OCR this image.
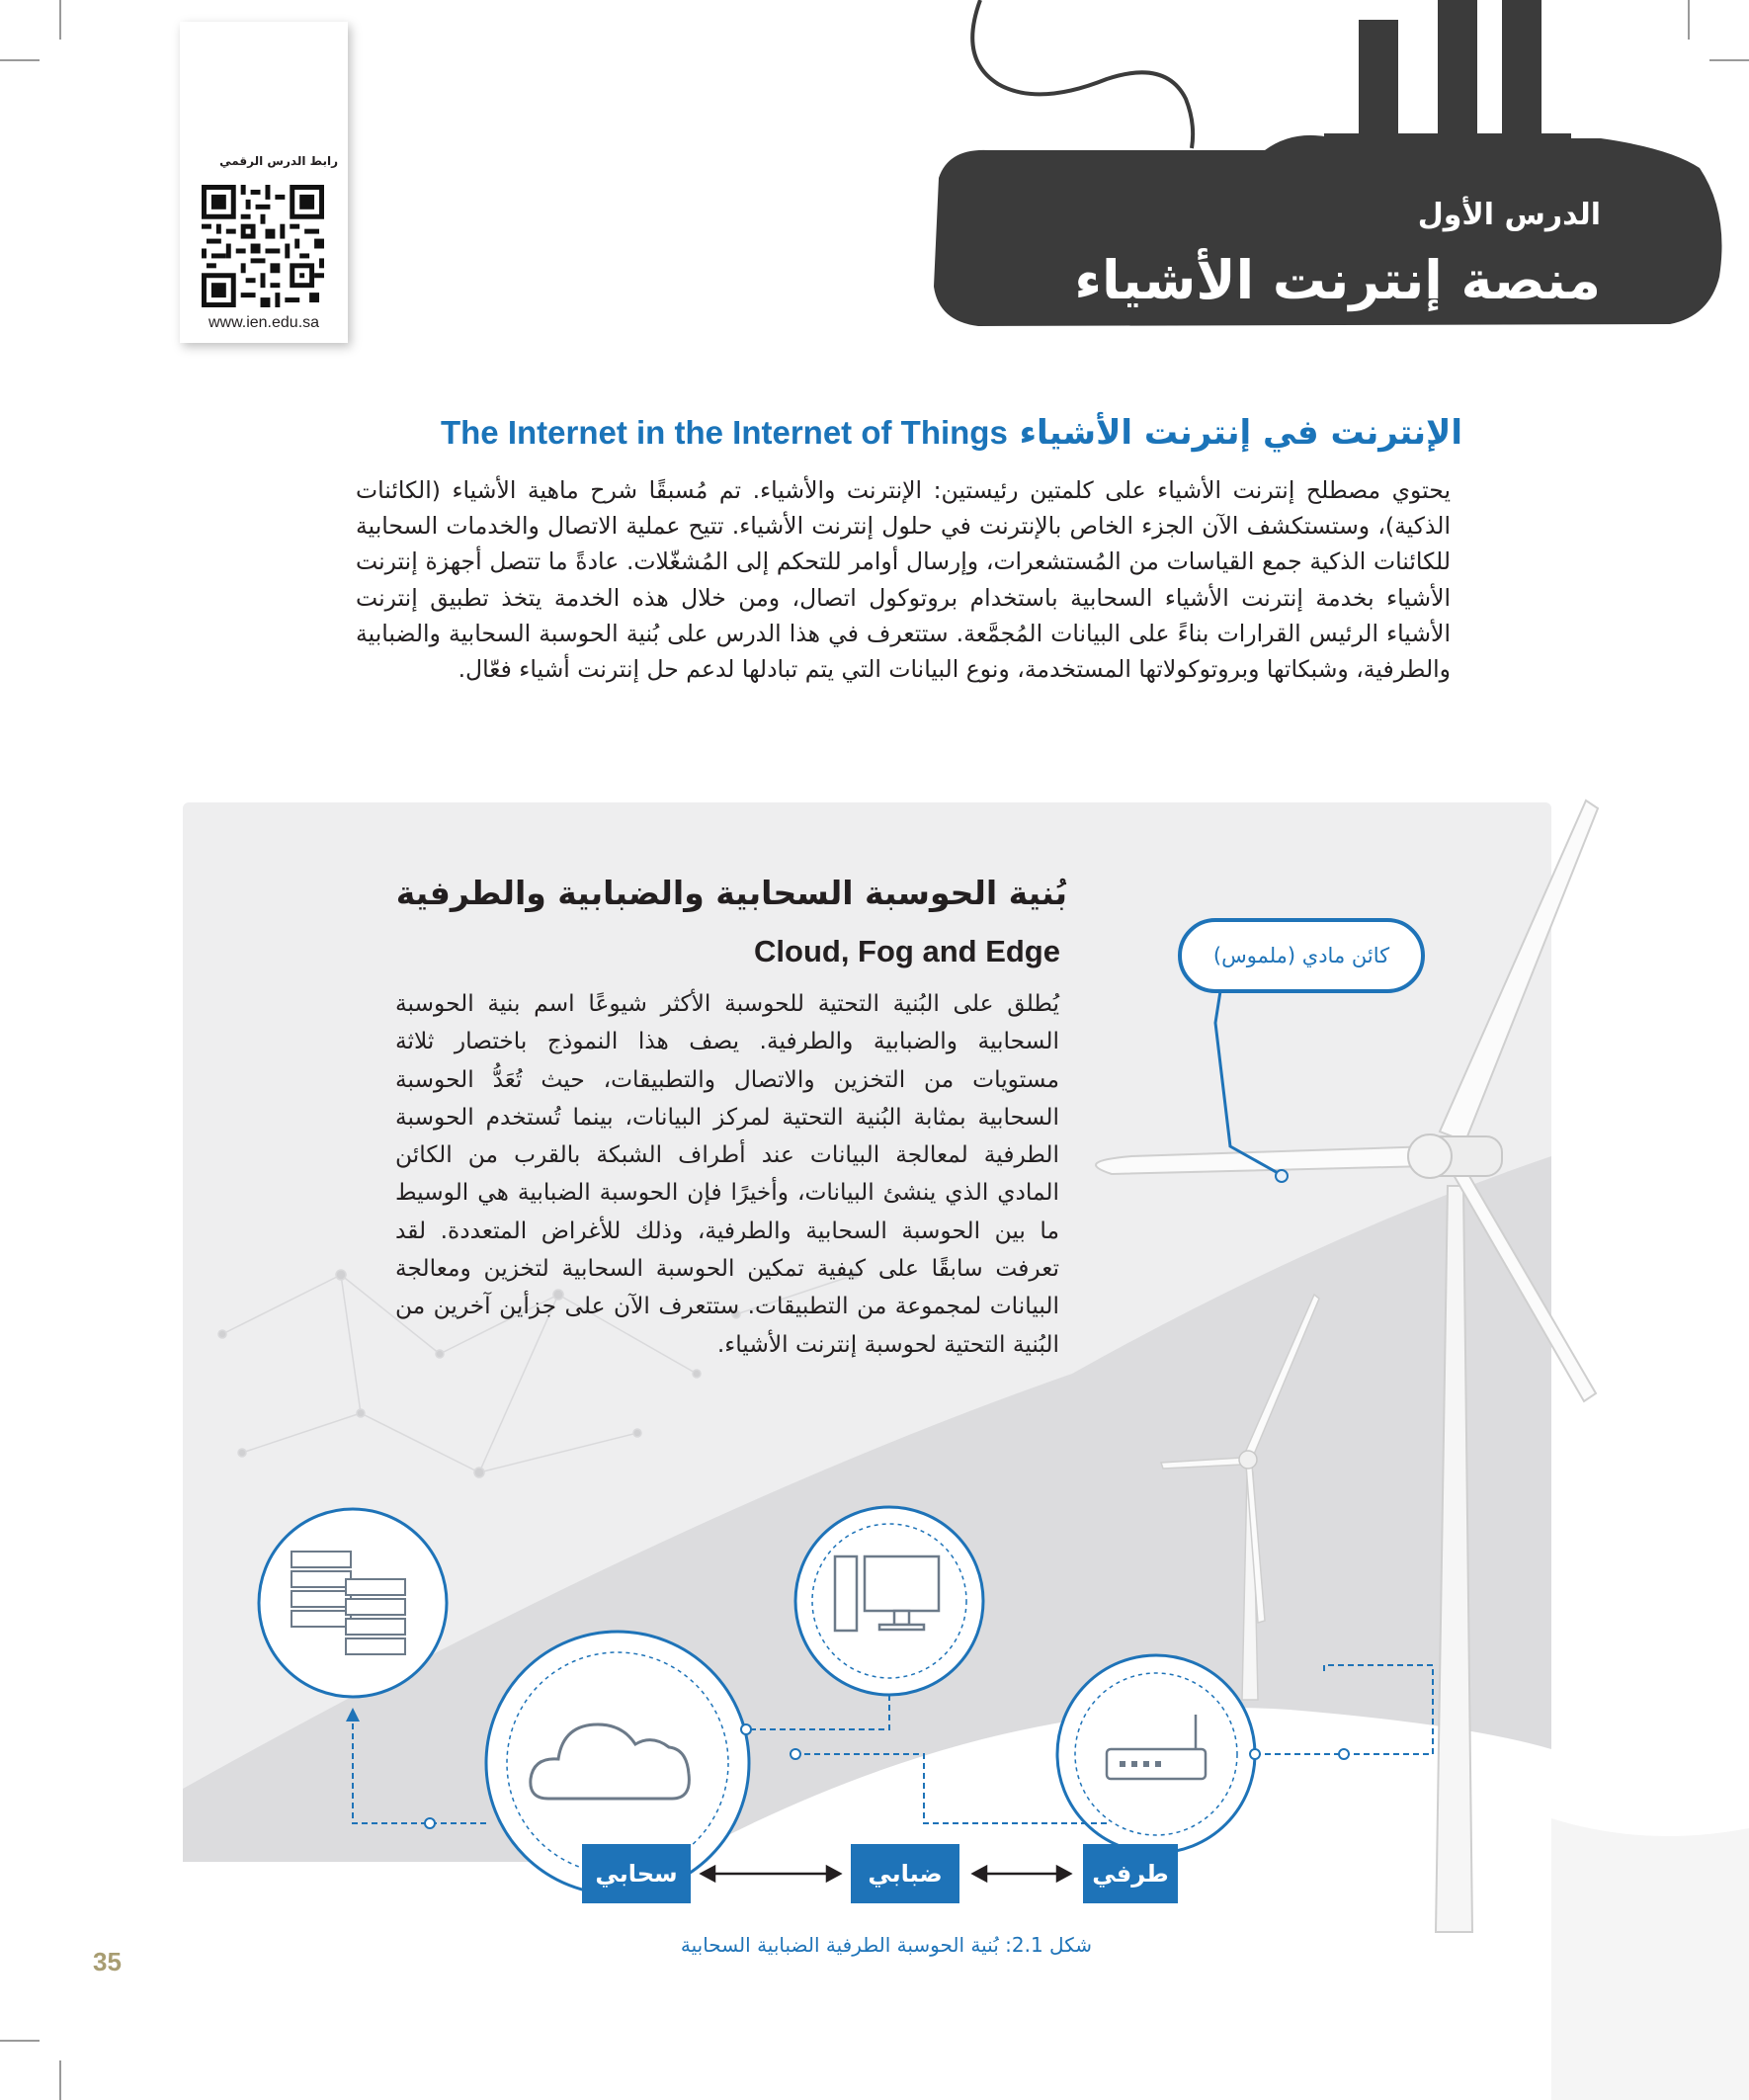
رابط الدرس الرقمي
www.ien.edu.sa
الدرس الأول
منصة إنترنت الأشياء
الإنترنت في إنترنت الأشياء The Internet in the Internet of Things
يحتوي مصطلح إنترنت الأشياء على كلمتين رئيستين: الإنترنت والأشياء. تم مُسبقًا شرح ماهية الأشياء (الكائنات الذكية)، وستستكشف الآن الجزء الخاص بالإنترنت في حلول إنترنت الأشياء. تتيح عملية الاتصال والخدمات السحابية للكائنات الذكية جمع القياسات من المُستشعرات، وإرسال أوامر للتحكم إلى المُشغّلات. عادةً ما تتصل أجهزة إنترنت الأشياء بخدمة إنترنت الأشياء السحابية باستخدام بروتوكول اتصال، ومن خلال هذه الخدمة يتخذ تطبيق إنترنت الأشياء الرئيس القرارات بناءً على البيانات المُجمَّعة. ستتعرف في هذا الدرس على بُنية الحوسبة السحابية والضبابية والطرفية، وشبكاتها وبروتوكولاتها المستخدمة، ونوع البيانات التي يتم تبادلها لدعم حل إنترنت أشياء فعّال.
بُنية الحوسبة السحابية والضبابية والطرفية
Cloud, Fog and Edge
يُطلق على البُنية التحتية للحوسبة الأكثر شيوعًا اسم بنية الحوسبة السحابية والضبابية والطرفية. يصف هذا النموذج باختصار ثلاثة مستويات من التخزين والاتصال والتطبيقات، حيث تُعَدُّ الحوسبة السحابية بمثابة البُنية التحتية لمركز البيانات، بينما تُستخدم الحوسبة الطرفية لمعالجة البيانات عند أطراف الشبكة بالقرب من الكائن المادي الذي ينشئ البيانات، وأخيرًا فإن الحوسبة الضبابية هي الوسيط ما بين الحوسبة السحابية والطرفية، وذلك للأغراض المتعددة. لقد تعرفت سابقًا على كيفية تمكين الحوسبة السحابية لتخزين ومعالجة البيانات لمجموعة من التطبيقات. ستتعرف الآن على جزأين آخرين من البُنية التحتية لحوسبة إنترنت الأشياء.
كائن مادي (ملموس)
سحابي	ضبابي	طرفي
شكل 2.1: بُنية الحوسبة الطرفية الضبابية السحابية
35
